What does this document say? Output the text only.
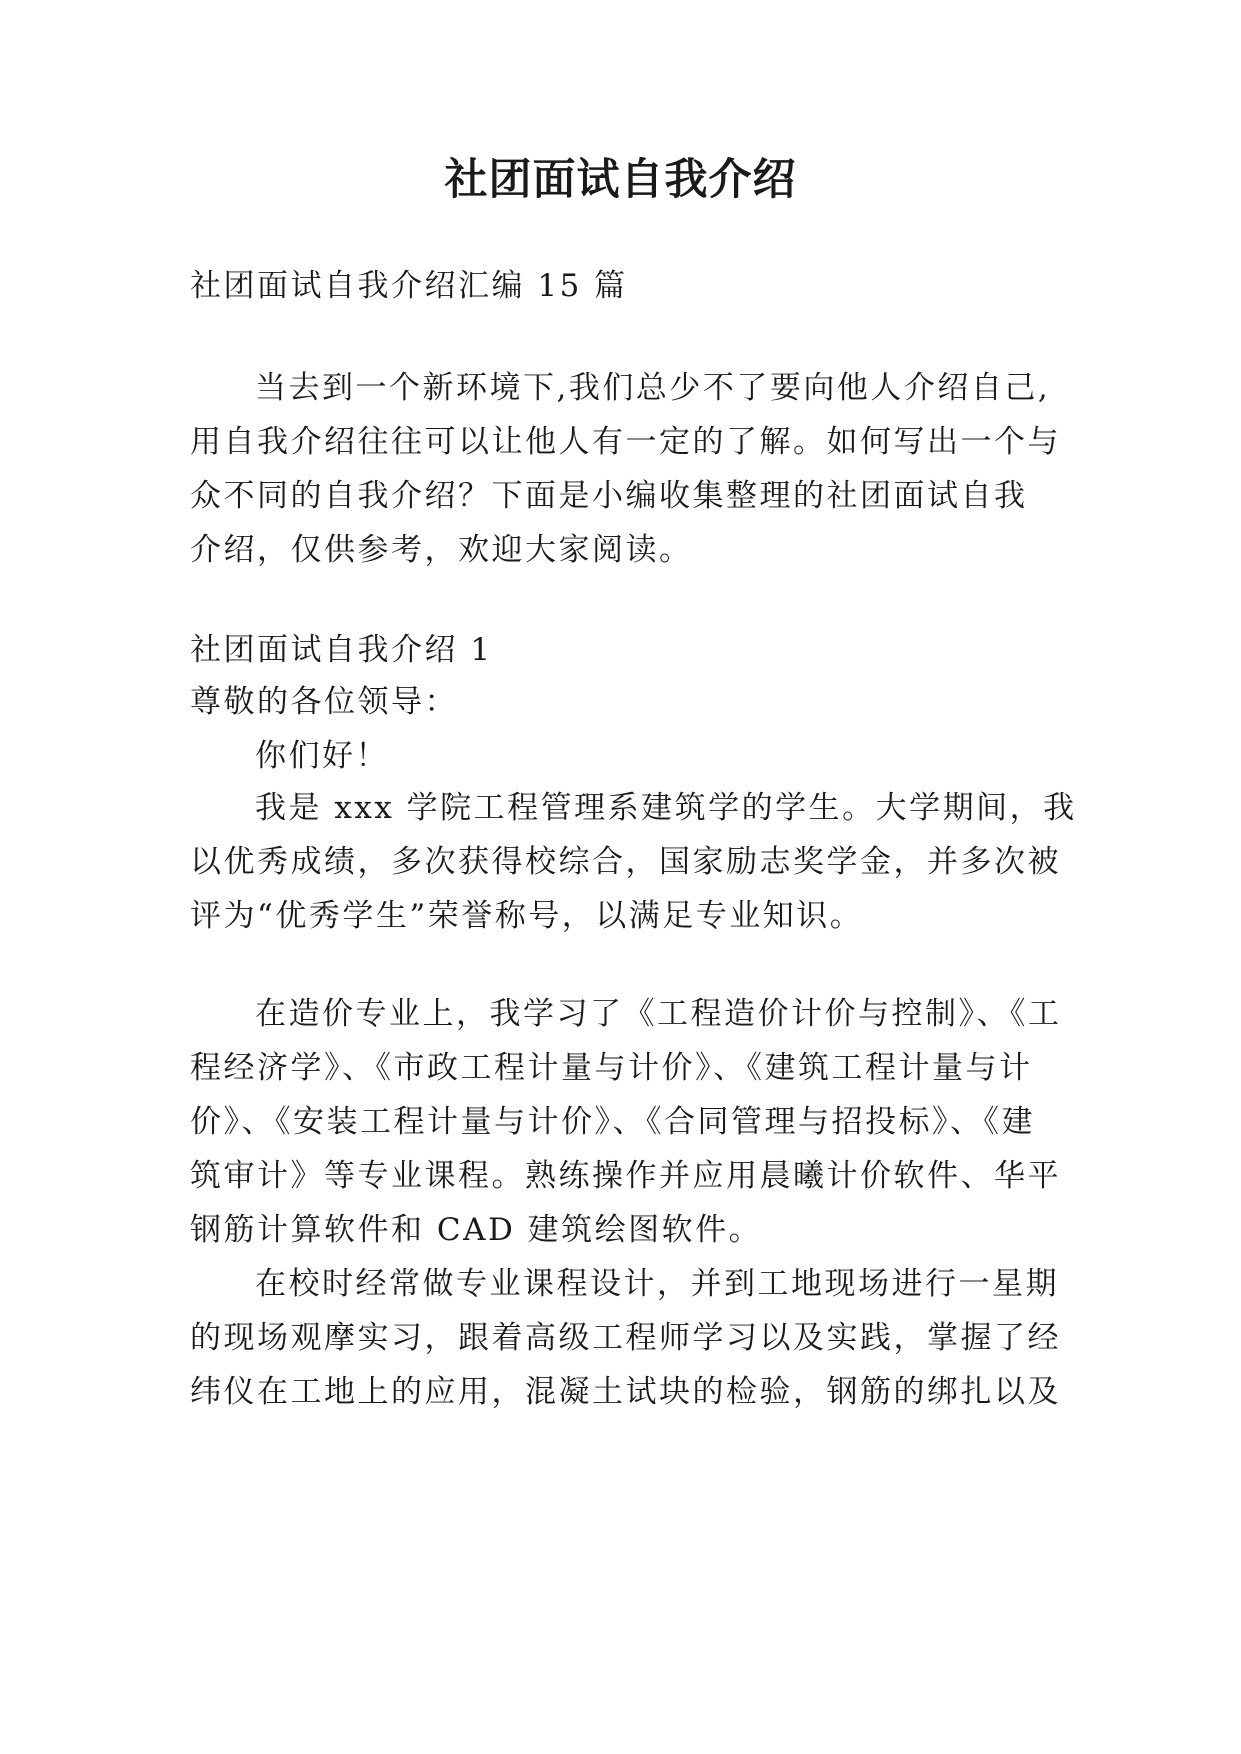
社团面试自我介绍
社团面试自我介绍汇编 15 篇
当去到一个新环境下,我们总少不了要向他人介绍自己,
用自我介绍往往可以让他人有一定的了解。如何写出一个与
众不同的自我介绍？下面是小编收集整理的社团面试自我
介绍，仅供参考，欢迎大家阅读。
社团面试自我介绍 1
尊敬的各位领导：
你们好！
我是 xxx 学院工程管理系建筑学的学生。大学期间，我
以优秀成绩，多次获得校综合，国家励志奖学金，并多次被
评为“优秀学生”荣誉称号，以满足专业知识。
在造价专业上，我学习了《工程造价计价与控制》、《工
程经济学》、《市政工程计量与计价》、《建筑工程计量与计
价》、《安装工程计量与计价》、《合同管理与招投标》、《建
筑审计》等专业课程。熟练操作并应用晨曦计价软件、华平
钢筋计算软件和 CAD 建筑绘图软件。
在校时经常做专业课程设计，并到工地现场进行一星期
的现场观摩实习，跟着高级工程师学习以及实践，掌握了经
纬仪在工地上的应用，混凝土试块的检验，钢筋的绑扎以及
